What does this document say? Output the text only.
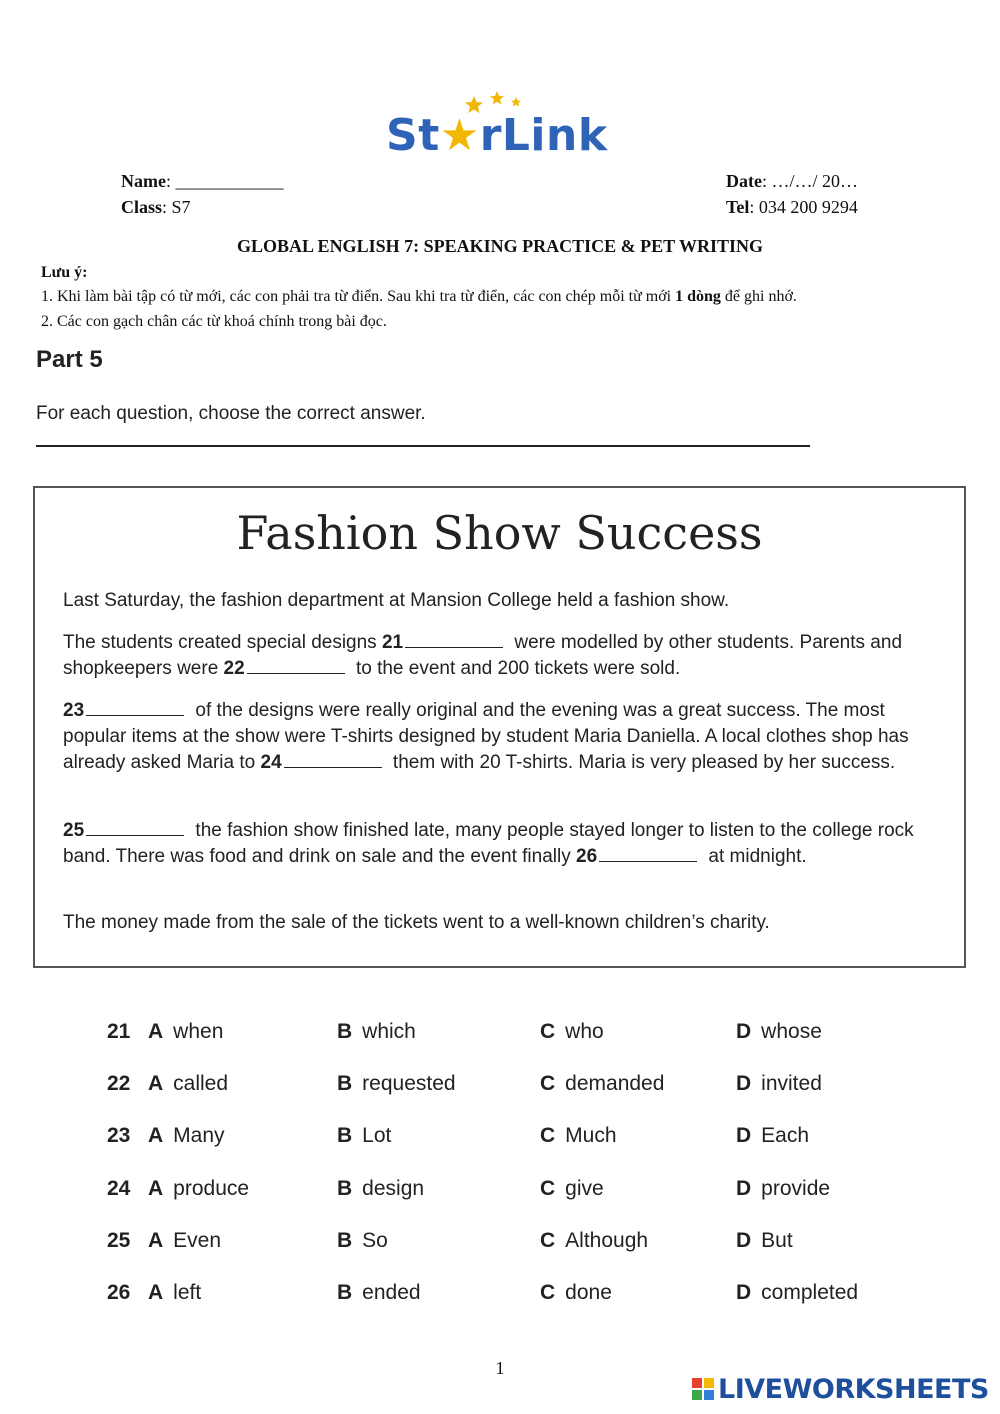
St★rLink
Name: ____________
Class: S7
Date: …/…/ 20…
Tel: 034 200 9294
GLOBAL ENGLISH 7: SPEAKING PRACTICE & PET WRITING
Lưu ý:
1. Khi làm bài tập có từ mới, các con phải tra từ điển. Sau khi tra từ điển, các con chép mỗi từ mới 1 dòng để ghi nhớ.
2. Các con gạch chân các từ khoá chính trong bài đọc.
Part 5
For each question, choose the correct answer.
Fashion Show Success
Last Saturday, the fashion department at Mansion College held a fashion show.
The students created special designs 21	were modelled by other students. Parents and shopkeepers were 22	to the event and 200 tickets were sold.
23	of the designs were really original and the evening was a great success. The most popular items at the show were T-shirts designed by student Maria Daniella. A local clothes shop has already asked Maria to 24	them with 20 T-shirts. Maria is very pleased by her success.
25	the fashion show finished late, many people stayed longer to listen to the college rock band. There was food and drink on sale and the event finally 26	at midnight.
The money made from the sale of the tickets went to a well-known children’s charity.
21 A when	B which	C who	D whose
22 A called	B requested	C demanded	D invited
23 A Many	B Lot	C Much	D Each
24 A produce	B design	C give	D provide
25 A Even	B So	C Although	D But
26 A left	B ended	C done	D completed
1
LIVEWORKSHEETS
